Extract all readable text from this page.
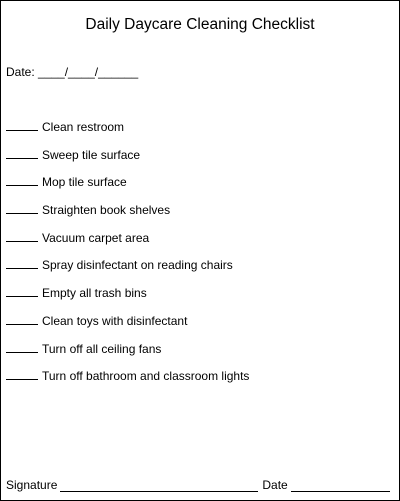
Daily Daycare Cleaning Checklist
Date: ____/____/______
Clean restroom
Sweep tile surface
Mop tile surface
Straighten book shelves
Vacuum carpet area
Spray disinfectant on reading chairs
Empty all trash bins
Clean toys with disinfectant
Turn off all ceiling fans
Turn off bathroom and classroom lights
Signature	Date
